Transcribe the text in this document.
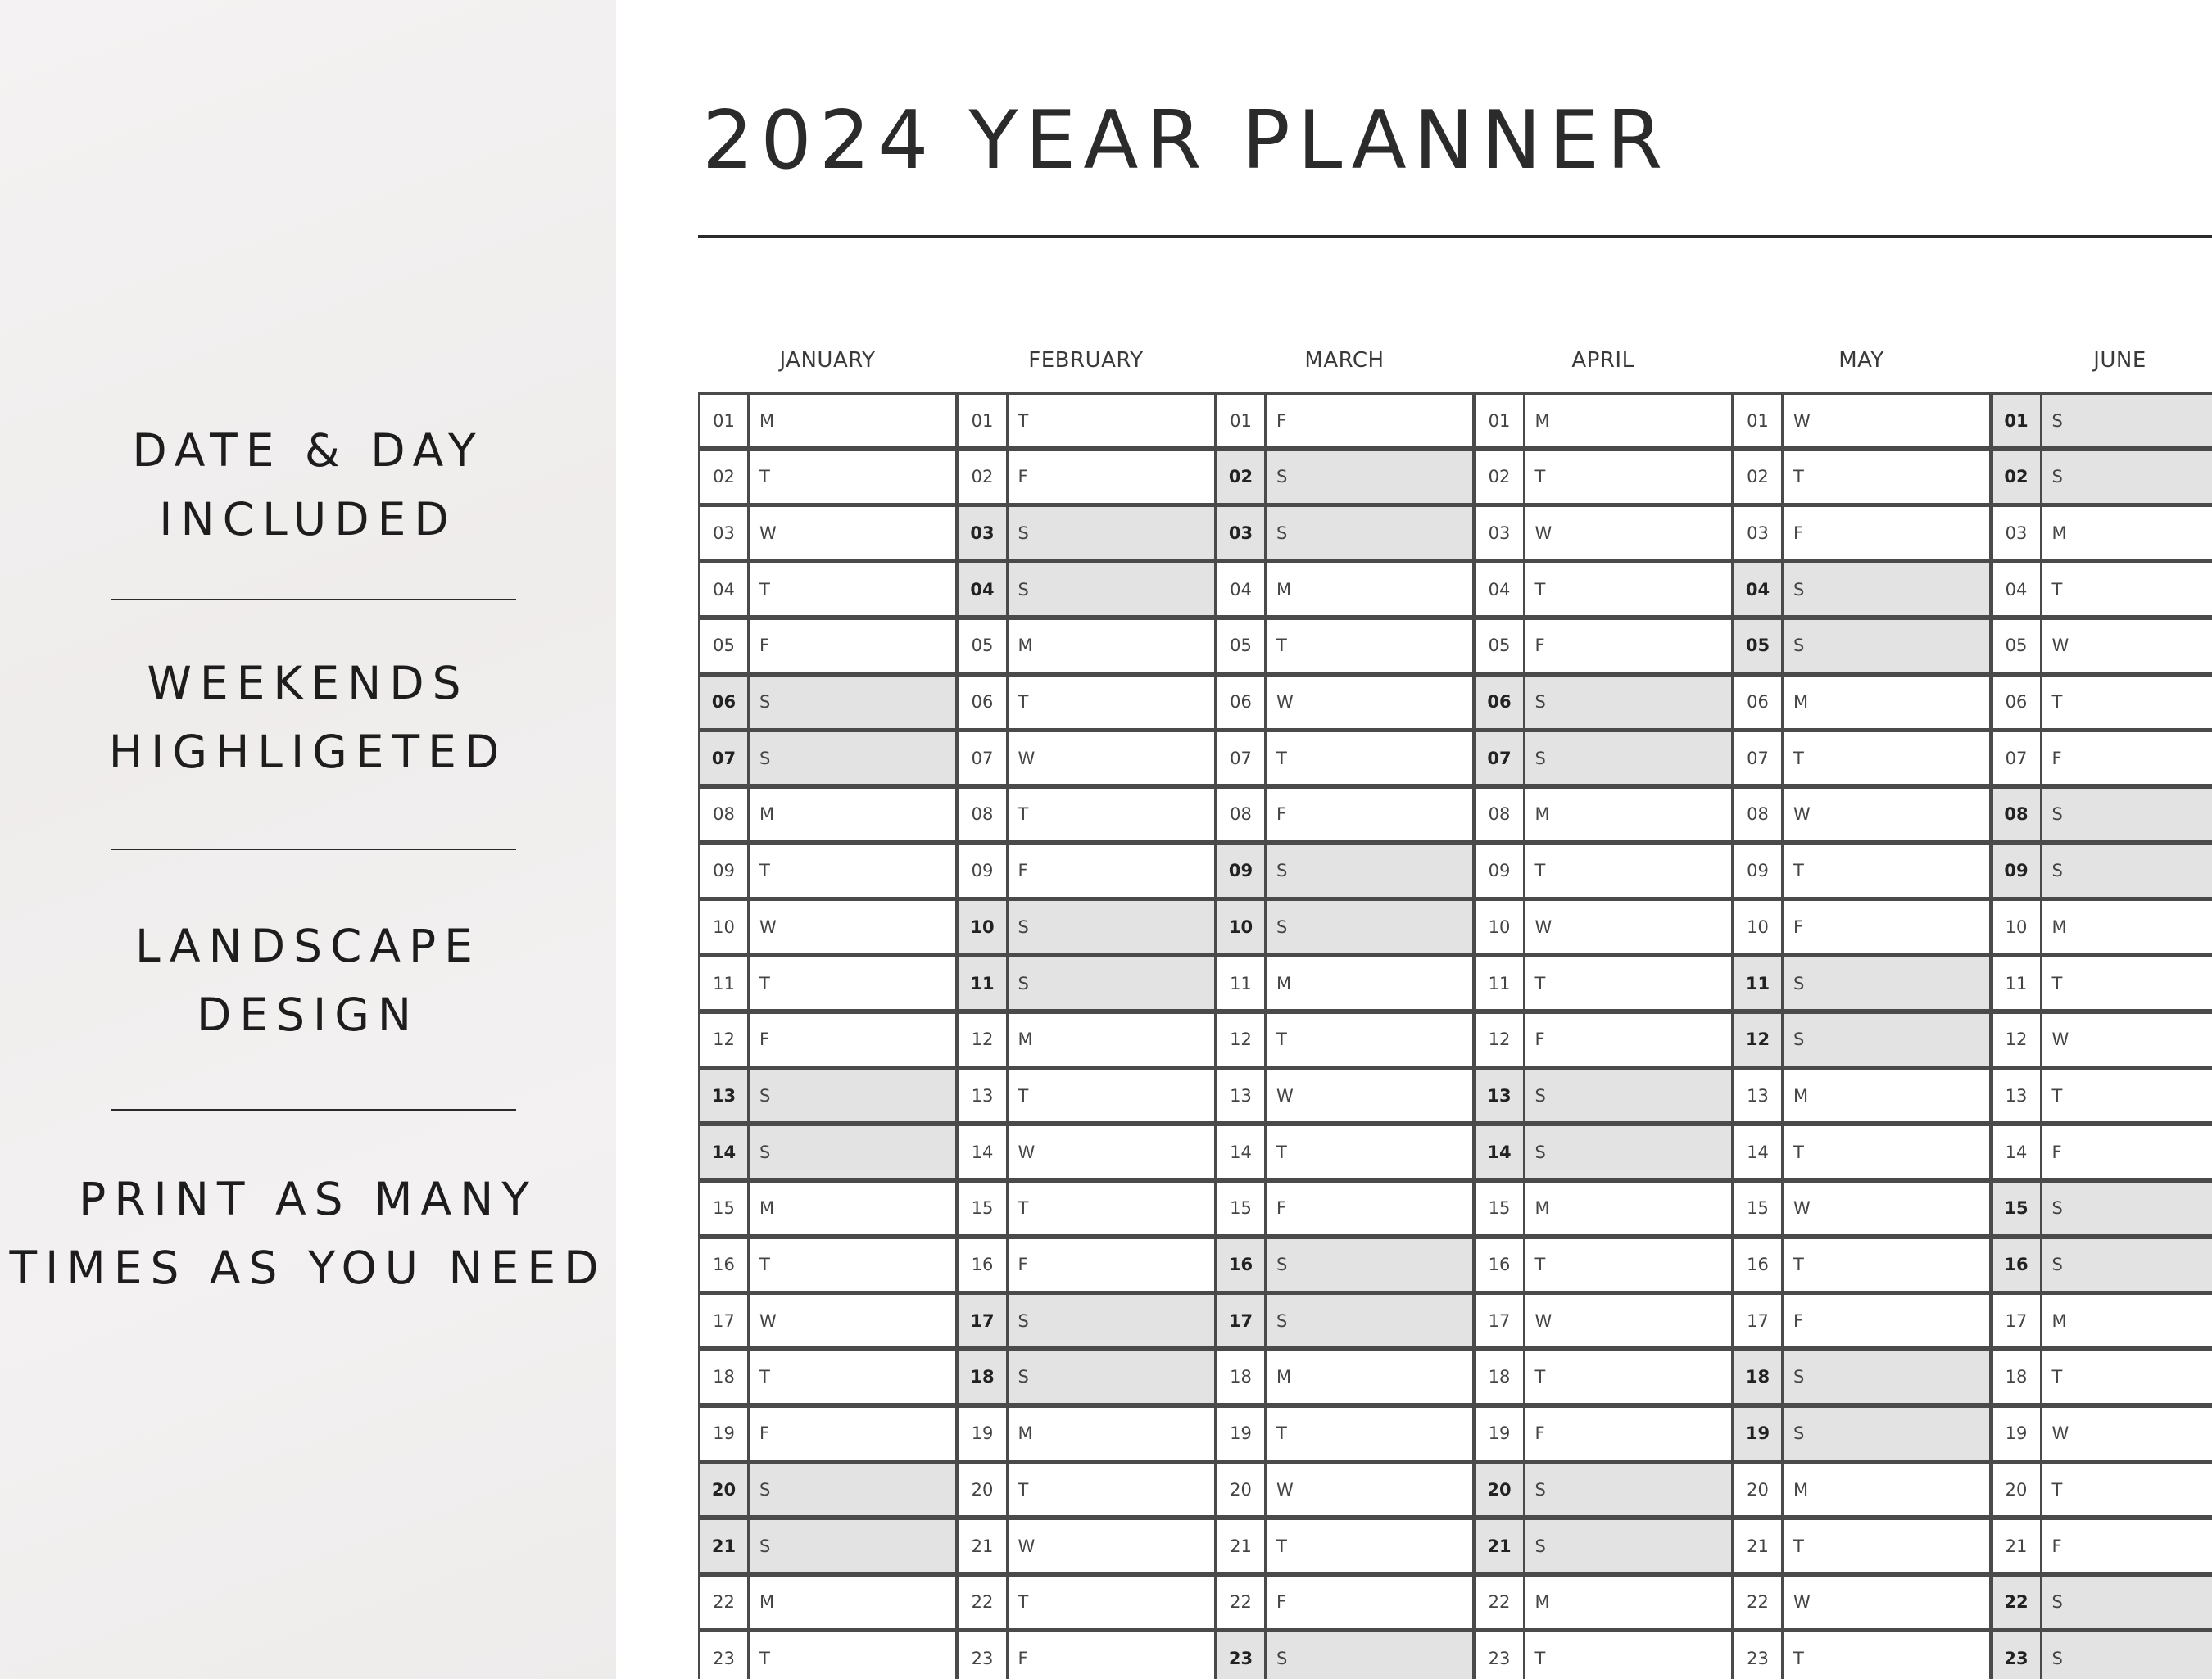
DATE & DAY
INCLUDED
WEEKENDS
HIGHLIGETED
LANDSCAPE
DESIGN
PRINT AS MANY
TIMES AS YOU NEED
2024 YEAR PLANNER
JANUARY	FEBRUARY	MARCH	APRIL	MAY	JUNE
01	M
02	T
03	W
04	T
05	F
06	S
07	S
08	M
09	T
10	W
11	T
12	F
13	S
14	S
15	M
16	T
17	W
18	T
19	F
20	S
21	S
22	M
23	T
01	T
02	F
03	S
04	S
05	M
06	T
07	W
08	T
09	F
10	S
11	S
12	M
13	T
14	W
15	T
16	F
17	S
18	S
19	M
20	T
21	W
22	T
23	F
01	F
02	S
03	S
04	M
05	T
06	W
07	T
08	F
09	S
10	S
11	M
12	T
13	W
14	T
15	F
16	S
17	S
18	M
19	T
20	W
21	T
22	F
23	S
01	M
02	T
03	W
04	T
05	F
06	S
07	S
08	M
09	T
10	W
11	T
12	F
13	S
14	S
15	M
16	T
17	W
18	T
19	F
20	S
21	S
22	M
23	T
01	W
02	T
03	F
04	S
05	S
06	M
07	T
08	W
09	T
10	F
11	S
12	S
13	M
14	T
15	W
16	T
17	F
18	S
19	S
20	M
21	T
22	W
23	T
01	S
02	S
03	M
04	T
05	W
06	T
07	F
08	S
09	S
10	M
11	T
12	W
13	T
14	F
15	S
16	S
17	M
18	T
19	W
20	T
21	F
22	S
23	S
